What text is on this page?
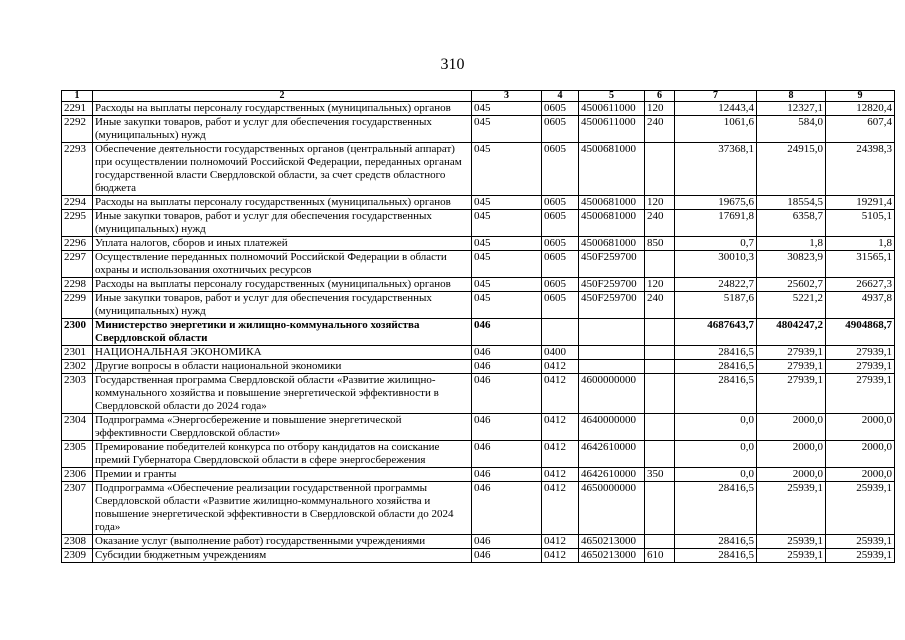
310
1	2	3	4	5	6	7	8	9
2291	Расходы на выплаты персоналу государственных (муниципальных) органов	045	0605	4500611000	120	12443,4	12327,1	12820,4
2292	Иные закупки товаров, работ и услуг для обеспечения государственных (муниципальных) нужд	045	0605	4500611000	240	1061,6	584,0	607,4
2293	Обеспечение деятельности государственных органов (центральный аппарат) при осуществлении полномочий Российской Федерации, переданных органам государственной власти Свердловской области, за счет средств областного бюджета	045	0605	4500681000		37368,1	24915,0	24398,3
2294	Расходы на выплаты персоналу государственных (муниципальных) органов	045	0605	4500681000	120	19675,6	18554,5	19291,4
2295	Иные закупки товаров, работ и услуг для обеспечения государственных (муниципальных) нужд	045	0605	4500681000	240	17691,8	6358,7	5105,1
2296	Уплата налогов, сборов и иных платежей	045	0605	4500681000	850	0,7	1,8	1,8
2297	Осуществление переданных полномочий Российской Федерации в области охраны и использования охотничьих ресурсов	045	0605	450F259700		30010,3	30823,9	31565,1
2298	Расходы на выплаты персоналу государственных (муниципальных) органов	045	0605	450F259700	120	24822,7	25602,7	26627,3
2299	Иные закупки товаров, работ и услуг для обеспечения государственных (муниципальных) нужд	045	0605	450F259700	240	5187,6	5221,2	4937,8
2300	Министерство энергетики и жилищно-коммунального хозяйства Свердловской области	046				4687643,7	4804247,2	4904868,7
2301	НАЦИОНАЛЬНАЯ ЭКОНОМИКА	046	0400			28416,5	27939,1	27939,1
2302	Другие вопросы в области национальной экономики	046	0412			28416,5	27939,1	27939,1
2303	Государственная программа Свердловской области «Развитие жилищно-коммунального хозяйства и повышение энергетической эффективности в Свердловской области до 2024 года»	046	0412	4600000000		28416,5	27939,1	27939,1
2304	Подпрограмма «Энергосбережение и повышение энергетической эффективности Свердловской области»	046	0412	4640000000		0,0	2000,0	2000,0
2305	Премирование победителей конкурса по отбору кандидатов на соискание премий Губернатора Свердловской области в сфере энергосбережения	046	0412	4642610000		0,0	2000,0	2000,0
2306	Премии и гранты	046	0412	4642610000	350	0,0	2000,0	2000,0
2307	Подпрограмма «Обеспечение реализации государственной программы Свердловской области «Развитие жилищно-коммунального хозяйства и повышение энергетической эффективности в Свердловской области до 2024 года»	046	0412	4650000000		28416,5	25939,1	25939,1
2308	Оказание услуг (выполнение работ) государственными учреждениями	046	0412	4650213000		28416,5	25939,1	25939,1
2309	Субсидии бюджетным учреждениям	046	0412	4650213000	610	28416,5	25939,1	25939,1
